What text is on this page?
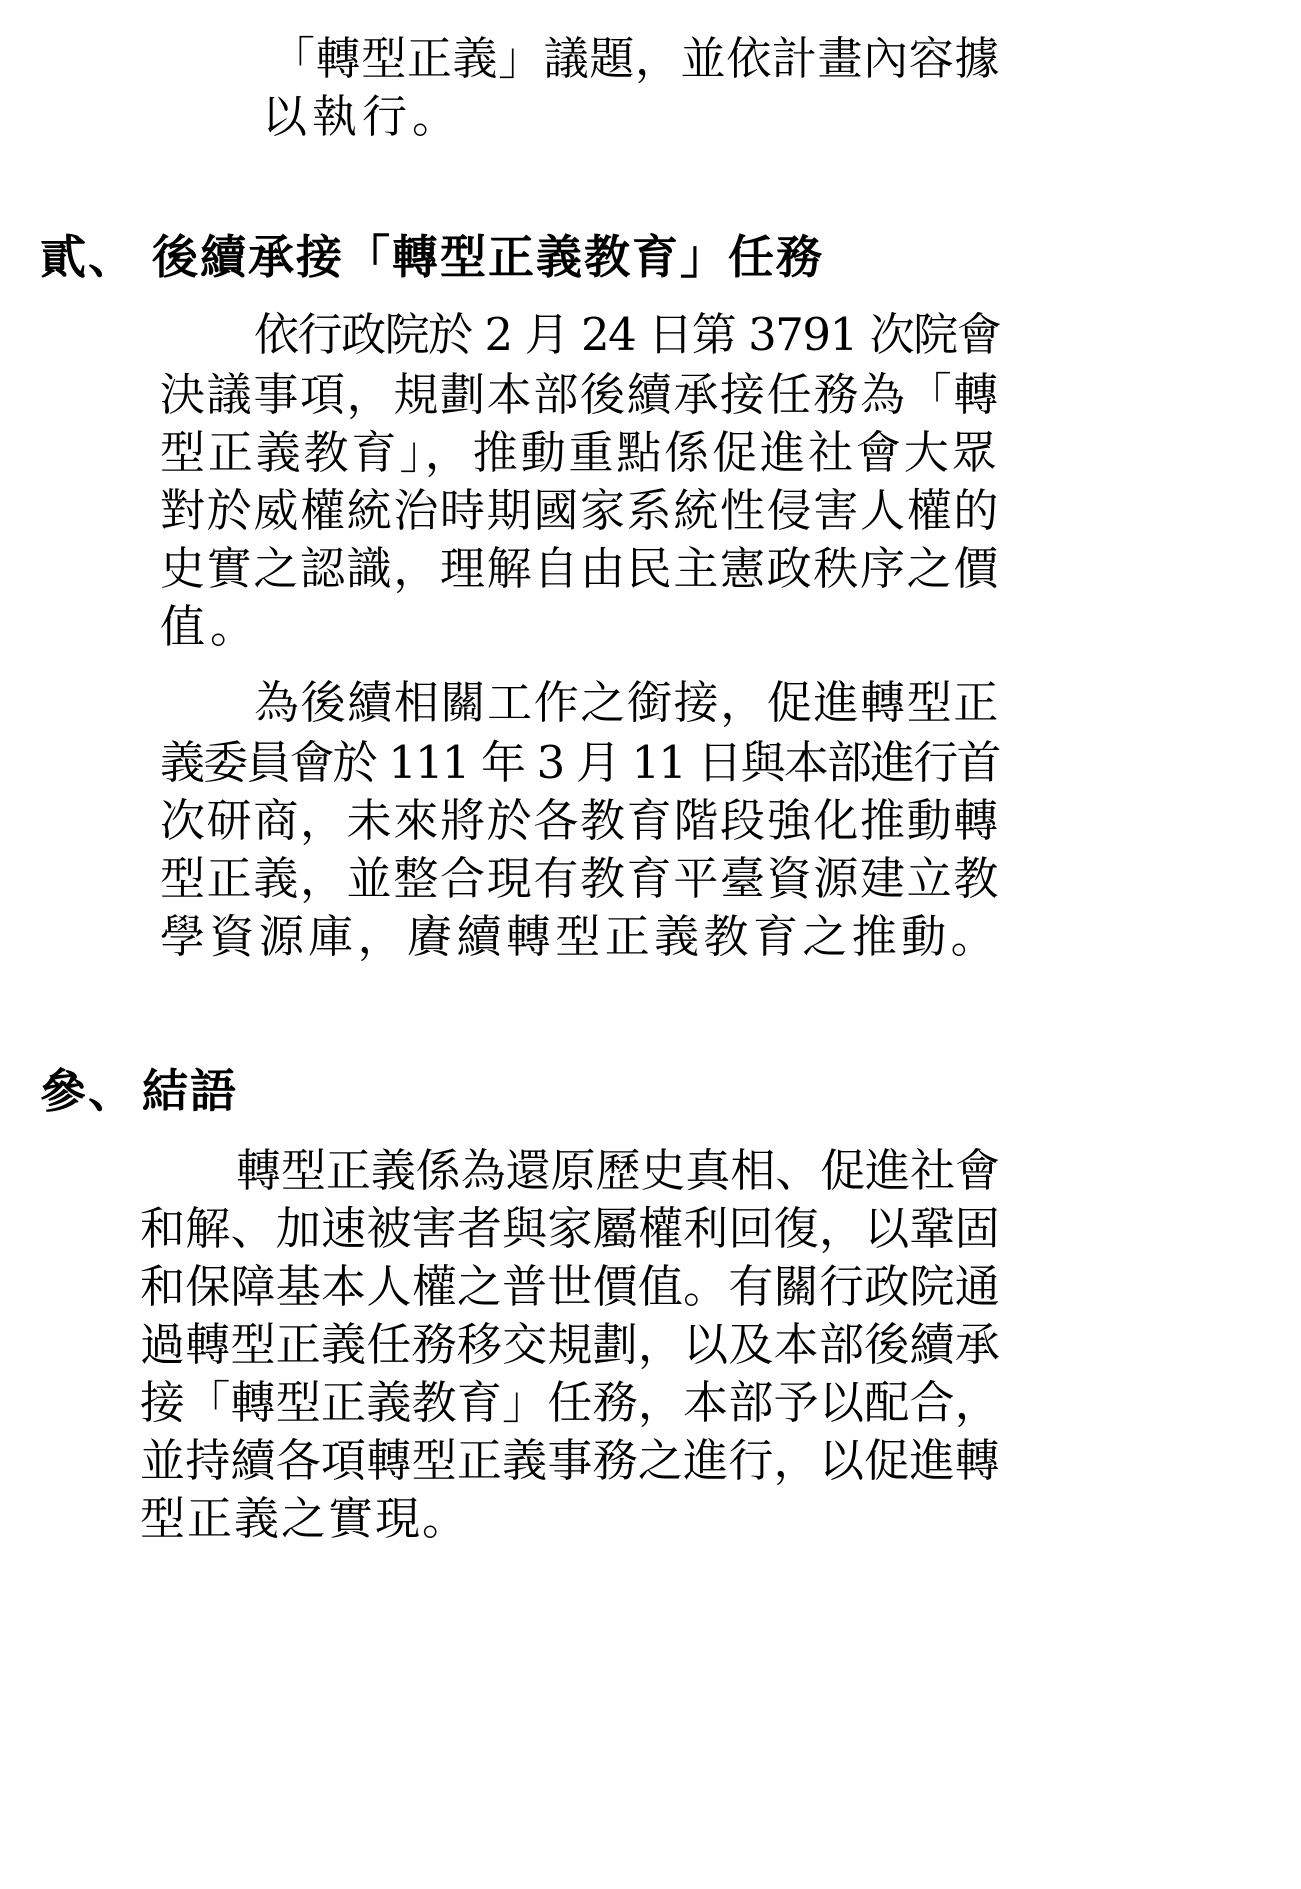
「轉型正義」議題，並依計畫內容據
以執行。
貳、 後續承接「轉型正義教育」任務
依行政院於 2 月 24 日第 3791 次院會
決議事項，規劃本部後續承接任務為「轉
型正義教育」，推動重點係促進社會大眾
對於威權統治時期國家系統性侵害人權的
史實之認識，理解自由民主憲政秩序之價
值。
為後續相關工作之銜接，促進轉型正
義委員會於 111 年 3 月 11 日與本部進行首
次研商，未來將於各教育階段強化推動轉
型正義，並整合現有教育平臺資源建立教
學資源庫，賡續轉型正義教育之推動。
參、 結語
轉型正義係為還原歷史真相、促進社會
和解、加速被害者與家屬權利回復，以鞏固
和保障基本人權之普世價值。有關行政院通
過轉型正義任務移交規劃，以及本部後續承
接「轉型正義教育」任務，本部予以配合，
並持續各項轉型正義事務之進行，以促進轉
型正義之實現。
